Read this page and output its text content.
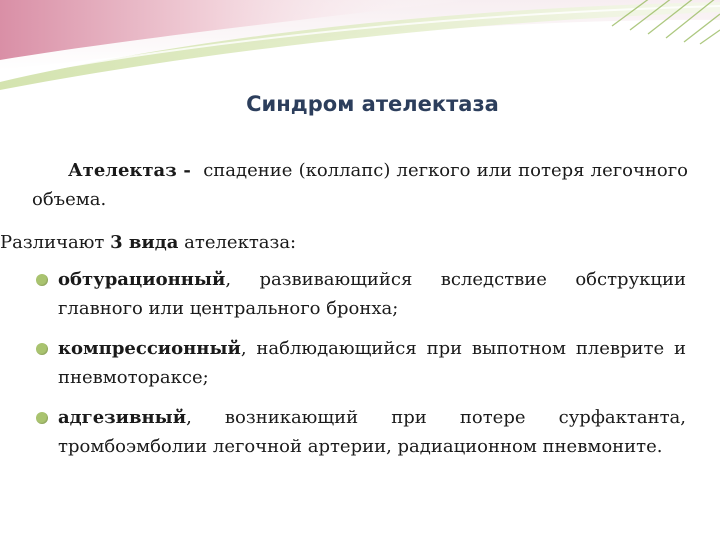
Синдром ателектаза
Ателектаз - спадение (коллапс) легкого или потеря легочного объема.
Различают 3 вида ателектаза:
обтурационный, развивающийся вследствие обструкции главного или центрального бронха;
компрессионный, наблюдающийся при выпотном плеврите и пневмотораксе;
адгезивный, возникающий при потере сурфактанта, тромбоэмболии легочной артерии, радиационном пневмоните.
